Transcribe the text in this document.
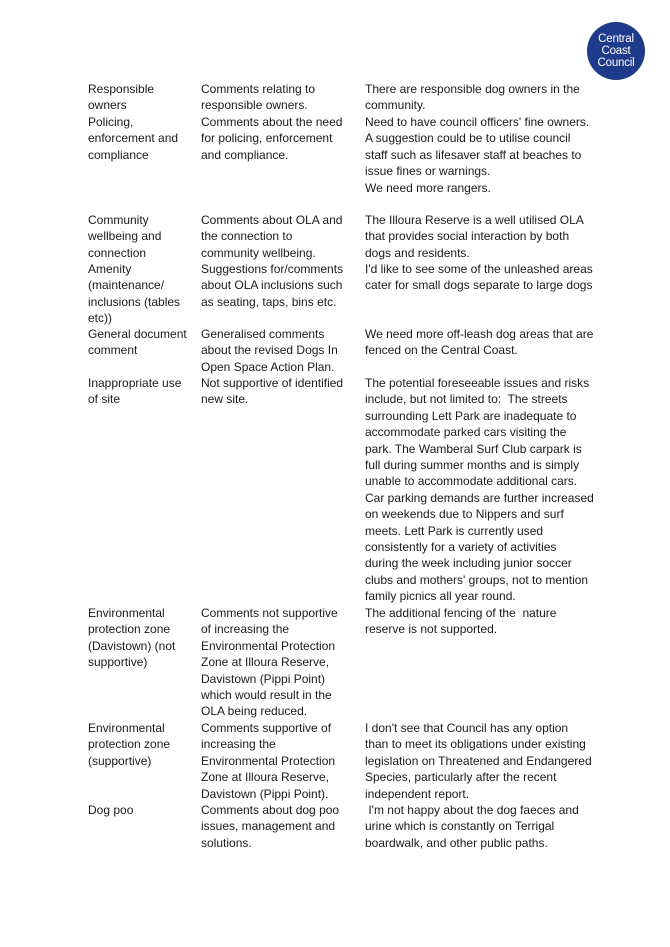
Central
Coast
Council
Responsible
owners
Comments relating to
responsible owners.
There are responsible dog owners in the
community.
Policing,
enforcement and
compliance
Comments about the need
for policing, enforcement
and compliance.
Need to have council officers' fine owners.
A suggestion could be to utilise council
staff such as lifesaver staff at beaches to
issue fines or warnings.
We need more rangers.
Community
wellbeing and
connection
Comments about OLA and
the connection to
community wellbeing.
The Illoura Reserve is a well utilised OLA
that provides social interaction by both
dogs and residents.
Amenity
(maintenance/
inclusions (tables
etc))
Suggestions for/comments
about OLA inclusions such
as seating, taps, bins etc.
I'd like to see some of the unleashed areas
cater for small dogs separate to large dogs
General document
comment
Generalised comments
about the revised Dogs In
Open Space Action Plan.
We need more off-leash dog areas that are
fenced on the Central Coast.
Inappropriate use
of site
Not supportive of identified
new site.
The potential foreseeable issues and risks
include, but not limited to:  The streets
surrounding Lett Park are inadequate to
accommodate parked cars visiting the
park. The Wamberal Surf Club carpark is
full during summer months and is simply
unable to accommodate additional cars.
Car parking demands are further increased
on weekends due to Nippers and surf
meets. Lett Park is currently used
consistently for a variety of activities
during the week including junior soccer
clubs and mothers' groups, not to mention
family picnics all year round.
Environmental
protection zone
(Davistown) (not
supportive)
Comments not supportive
of increasing the
Environmental Protection
Zone at Illoura Reserve,
Davistown (Pippi Point)
which would result in the
OLA being reduced.
The additional fencing of the  nature
reserve is not supported.
Environmental
protection zone
(supportive)
Comments supportive of
increasing the
Environmental Protection
Zone at Illoura Reserve,
Davistown (Pippi Point).
I don't see that Council has any option
than to meet its obligations under existing
legislation on Threatened and Endangered
Species, particularly after the recent
independent report.
Dog poo	Comments about dog poo
issues, management and
solutions.
I'm not happy about the dog faeces and
urine which is constantly on Terrigal
boardwalk, and other public paths.
